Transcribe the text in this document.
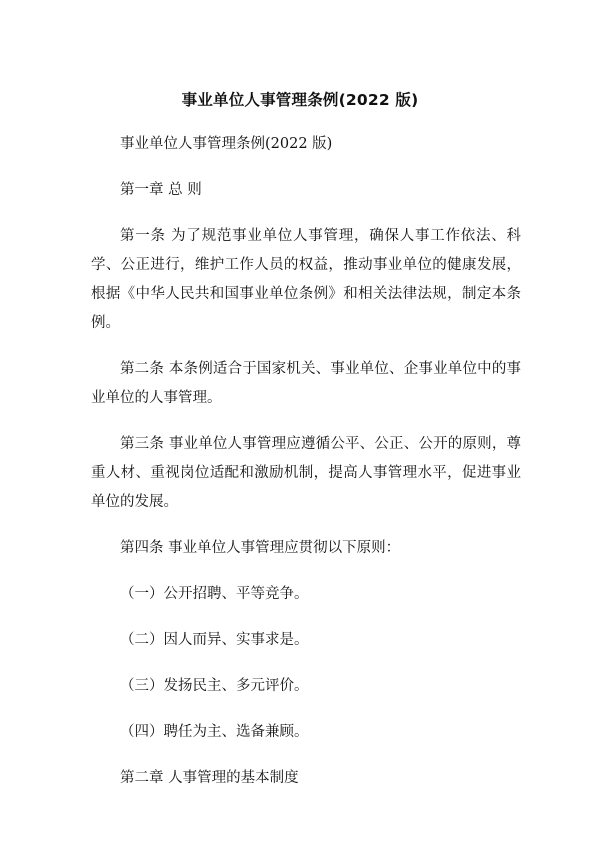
事业单位人事管理条例(2022 版)

事业单位人事管理条例(2022 版)

第一章 总 则

第一条 为了规范事业单位人事管理，确保人事工作依法、科学、公正进行，维护工作人员的权益，推动事业单位的健康发展，根据《中华人民共和国事业单位条例》和相关法律法规，制定本条例。

第二条 本条例适合于国家机关、事业单位、企事业单位中的事业单位的人事管理。

第三条 事业单位人事管理应遵循公平、公正、公开的原则，尊重人材、重视岗位适配和激励机制，提高人事管理水平，促进事业单位的发展。

第四条 事业单位人事管理应贯彻以下原则：

（一）公开招聘、平等竞争。

（二）因人而异、实事求是。

（三）发扬民主、多元评价。

（四）聘任为主、选备兼顾。

第二章 人事管理的基本制度
